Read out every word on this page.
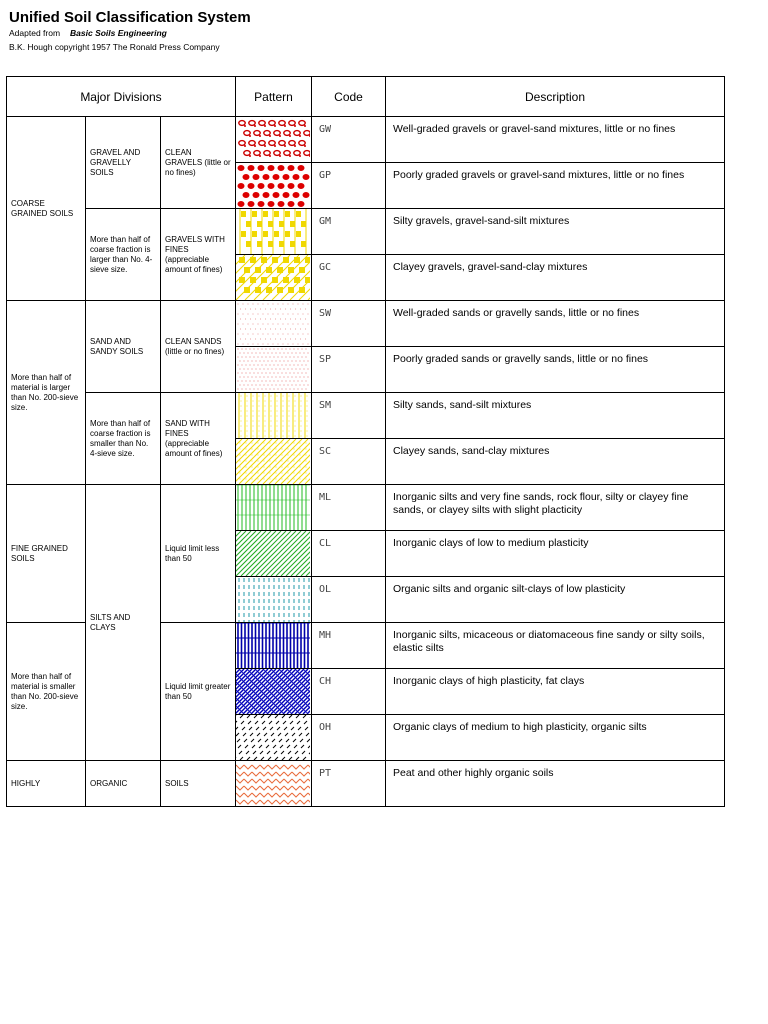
Unified Soil Classification System
Adapted from Basic Soils Engineering
B.K. Hough copyright 1957 The Ronald Press Company
Major Divisions			Pattern	Code	Description
COARSE GRAINED SOILS	GRAVEL AND GRAVELLY SOILS	CLEAN GRAVELS (little or no fines)		GW	Well-graded gravels or gravel-sand mixtures, little or no fines

	GP	Poorly graded gravels or gravel-sand mixtures, little or no fines
	More than half of coarse fraction is larger than No. 4-sieve size.	GRAVELS WITH FINES (appreciable amount of fines)		GM	Silty gravels, gravel-sand-silt mixtures

	GC	Clayey gravels, gravel-sand-clay mixtures
More than half of material is larger than No. 200-sieve size.	SAND AND SANDY SOILS	CLEAN SANDS (little or no fines)		SW	Well-graded sands or gravelly sands, little or no fines

	SP	Poorly graded sands or gravelly sands, little or no fines
	More than half of coarse fraction is smaller than No. 4-sieve size.	SAND WITH FINES (appreciable amount of fines)		SM	Silty sands, sand-silt mixtures

	SC	Clayey sands, sand-clay mixtures
FINE GRAINED SOILS	SILTS AND CLAYS	Liquid limit less than 50		ML	Inorganic silts and very fine sands, rock flour, silty or clayey fine sands, or clayey silts with slight placticity

	CL	Inorganic clays of low to medium plasticity

	OL	Organic silts and organic silt-clays of low plasticity
More than half of material is smaller than No. 200-sieve size.		Liquid limit greater than 50		MH	Inorganic silts, micaceous or diatomaceous fine sandy or silty soils, elastic silts

	CH	Inorganic clays of high plasticity, fat clays

	OH	Organic clays of medium to high plasticity, organic silts
HIGHLY	ORGANIC	SOILS		PT	Peat and other highly organic soils
